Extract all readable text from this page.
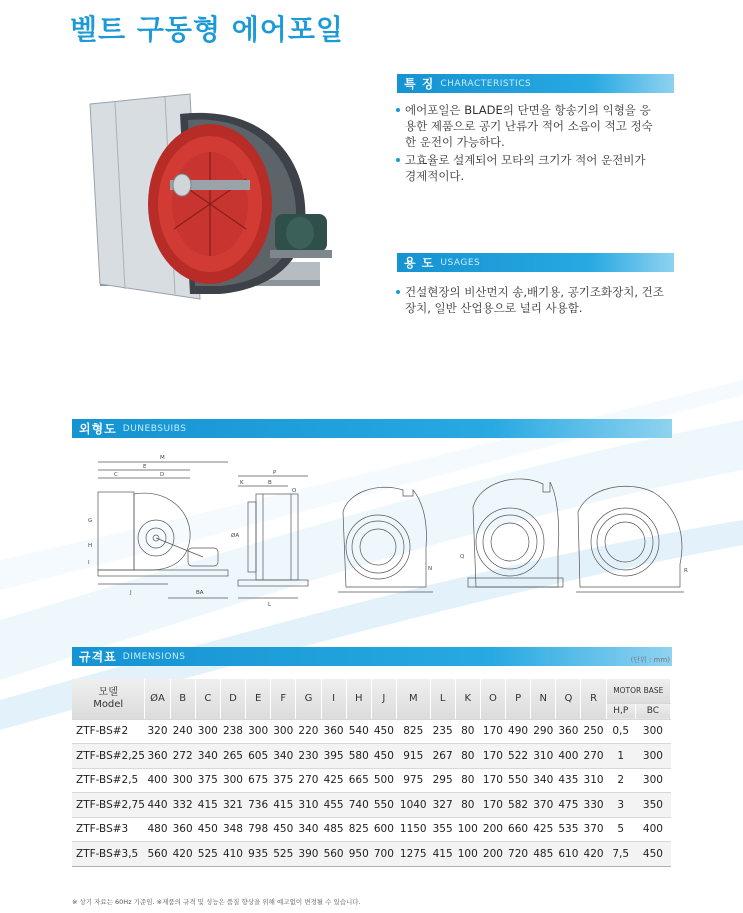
벨트 구동형 에어포일
특 징 CHARACTERISTICS
에어포일은 BLADE의 단면을 항송기의 익형을 응용한 제품으로 공기 난류가 적어 소음이 적고 정숙한 운전이 가능하다.
고효율로 설계되어 모타의 크기가 적어 운전비가 경제적이다.
용 도 USAGES
건설현장의 비산먼지 송,배기용, 공기조화장치, 건조장치, 일반 산업용으로 널리 사용함.
외형도 DUNEBSUIBS
M
E
C	D
J	BA
G
H
I
K	B
P
O
L
ØA
N
Q
R
규격표 DIMENSIONS	(단위 : mm)
모델
Model	ØA	B	C	D	E	F	G	I	H	J	M	L	K	O	P	N	Q	R	MOTOR BASE	
																			H,P	BC
ZTF-BS#2	320	240	300	238	300	300	220	360	540	450	825	235	80	170	490	290	360	250	0,5	300
ZTF-BS#2,25	360	272	340	265	605	340	230	395	580	450	915	267	80	170	522	310	400	270	1	300
ZTF-BS#2,5	400	300	375	300	675	375	270	425	665	500	975	295	80	170	550	340	435	310	2	300
ZTF-BS#2,75	440	332	415	321	736	415	310	455	740	550	1040	327	80	170	582	370	475	330	3	350
ZTF-BS#3	480	360	450	348	798	450	340	485	825	600	1150	355	100	200	660	425	535	370	5	400
ZTF-BS#3,5	560	420	525	410	935	525	390	560	950	700	1275	415	100	200	720	485	610	420	7,5	450
※ 상기 자료는 60Hz 기준임. ※제품의 규격 및 성능은 품질 향상을 위해 예고없이 변경될 수 있습니다.
